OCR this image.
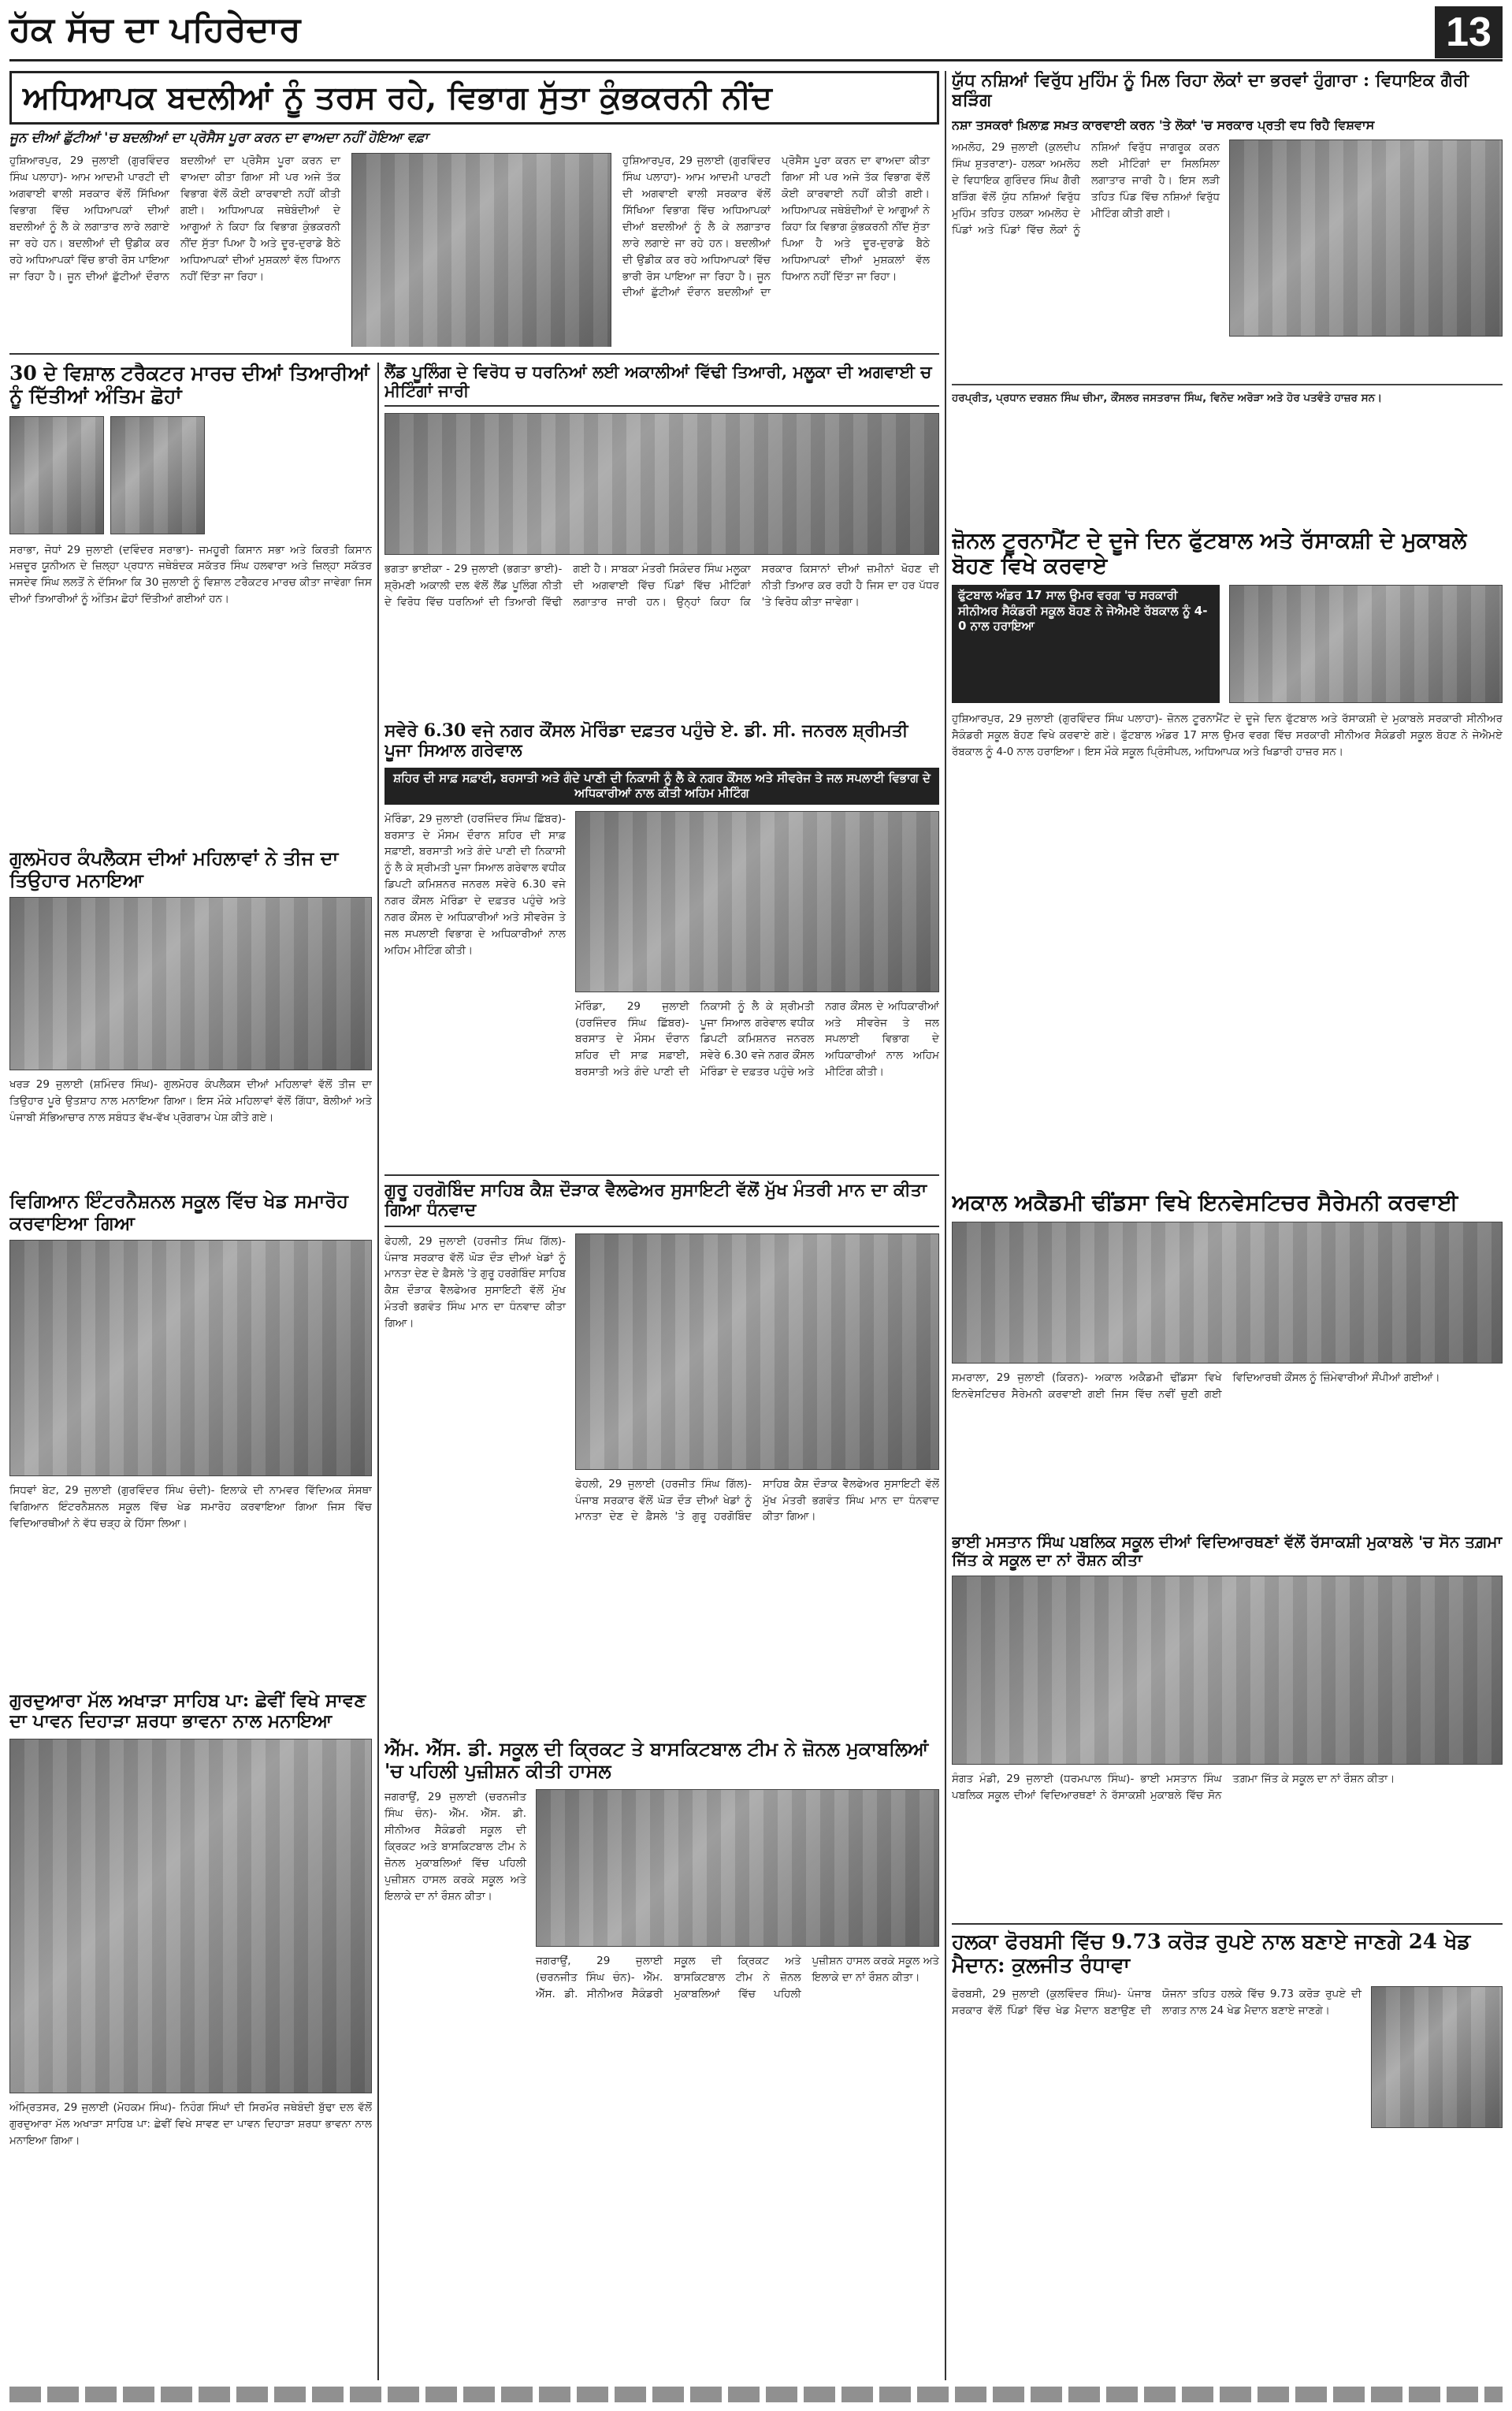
ਹੱਕ ਸੱਚ ਦਾ ਪਹਿਰੇਦਾਰ	13
ਅਧਿਆਪਕ ਬਦਲੀਆਂ ਨੂੰ ਤਰਸ ਰਹੇ, ਵਿਭਾਗ ਸੁੱਤਾ ਕੁੰਭਕਰਨੀ ਨੀਂਦ
ਜੂਨ ਦੀਆਂ ਛੁੱਟੀਆਂ 'ਚ ਬਦਲੀਆਂ ਦਾ ਪ੍ਰੋਸੈਸ ਪੂਰਾ ਕਰਨ ਦਾ ਵਾਅਦਾ ਨਹੀਂ ਹੋਇਆ ਵਫ਼ਾ
ਹੁਸ਼ਿਆਰਪੁਰ, 29 ਜੁਲਾਈ (ਗੁਰਵਿੰਦਰ ਸਿੰਘ ਪਲਾਹਾ)- ਆਮ ਆਦਮੀ ਪਾਰਟੀ ਦੀ ਅਗਵਾਈ ਵਾਲੀ ਸਰਕਾਰ ਵੱਲੋਂ ਸਿੱਖਿਆ ਵਿਭਾਗ ਵਿੱਚ ਅਧਿਆਪਕਾਂ ਦੀਆਂ ਬਦਲੀਆਂ ਨੂੰ ਲੈ ਕੇ ਲਗਾਤਾਰ ਲਾਰੇ ਲਗਾਏ ਜਾ ਰਹੇ ਹਨ। ਬਦਲੀਆਂ ਦੀ ਉਡੀਕ ਕਰ ਰਹੇ ਅਧਿਆਪਕਾਂ ਵਿੱਚ ਭਾਰੀ ਰੋਸ ਪਾਇਆ ਜਾ ਰਿਹਾ ਹੈ। ਜੂਨ ਦੀਆਂ ਛੁੱਟੀਆਂ ਦੌਰਾਨ ਬਦਲੀਆਂ ਦਾ ਪ੍ਰੋਸੈਸ ਪੂਰਾ ਕਰਨ ਦਾ ਵਾਅਦਾ ਕੀਤਾ ਗਿਆ ਸੀ ਪਰ ਅਜੇ ਤੱਕ ਵਿਭਾਗ ਵੱਲੋਂ ਕੋਈ ਕਾਰਵਾਈ ਨਹੀਂ ਕੀਤੀ ਗਈ। ਅਧਿਆਪਕ ਜਥੇਬੰਦੀਆਂ ਦੇ ਆਗੂਆਂ ਨੇ ਕਿਹਾ ਕਿ ਵਿਭਾਗ ਕੁੰਭਕਰਨੀ ਨੀਂਦ ਸੁੱਤਾ ਪਿਆ ਹੈ ਅਤੇ ਦੂਰ-ਦੁਰਾਡੇ ਬੈਠੇ ਅਧਿਆਪਕਾਂ ਦੀਆਂ ਮੁਸ਼ਕਲਾਂ ਵੱਲ ਧਿਆਨ ਨਹੀਂ ਦਿੱਤਾ ਜਾ ਰਿਹਾ।
ਹੁਸ਼ਿਆਰਪੁਰ, 29 ਜੁਲਾਈ (ਗੁਰਵਿੰਦਰ ਸਿੰਘ ਪਲਾਹਾ)- ਆਮ ਆਦਮੀ ਪਾਰਟੀ ਦੀ ਅਗਵਾਈ ਵਾਲੀ ਸਰਕਾਰ ਵੱਲੋਂ ਸਿੱਖਿਆ ਵਿਭਾਗ ਵਿੱਚ ਅਧਿਆਪਕਾਂ ਦੀਆਂ ਬਦਲੀਆਂ ਨੂੰ ਲੈ ਕੇ ਲਗਾਤਾਰ ਲਾਰੇ ਲਗਾਏ ਜਾ ਰਹੇ ਹਨ। ਬਦਲੀਆਂ ਦੀ ਉਡੀਕ ਕਰ ਰਹੇ ਅਧਿਆਪਕਾਂ ਵਿੱਚ ਭਾਰੀ ਰੋਸ ਪਾਇਆ ਜਾ ਰਿਹਾ ਹੈ। ਜੂਨ ਦੀਆਂ ਛੁੱਟੀਆਂ ਦੌਰਾਨ ਬਦਲੀਆਂ ਦਾ ਪ੍ਰੋਸੈਸ ਪੂਰਾ ਕਰਨ ਦਾ ਵਾਅਦਾ ਕੀਤਾ ਗਿਆ ਸੀ ਪਰ ਅਜੇ ਤੱਕ ਵਿਭਾਗ ਵੱਲੋਂ ਕੋਈ ਕਾਰਵਾਈ ਨਹੀਂ ਕੀਤੀ ਗਈ। ਅਧਿਆਪਕ ਜਥੇਬੰਦੀਆਂ ਦੇ ਆਗੂਆਂ ਨੇ ਕਿਹਾ ਕਿ ਵਿਭਾਗ ਕੁੰਭਕਰਨੀ ਨੀਂਦ ਸੁੱਤਾ ਪਿਆ ਹੈ ਅਤੇ ਦੂਰ-ਦੁਰਾਡੇ ਬੈਠੇ ਅਧਿਆਪਕਾਂ ਦੀਆਂ ਮੁਸ਼ਕਲਾਂ ਵੱਲ ਧਿਆਨ ਨਹੀਂ ਦਿੱਤਾ ਜਾ ਰਿਹਾ।
ਯੁੱਧ ਨਸ਼ਿਆਂ ਵਿਰੁੱਧ ਮੁਹਿੰਮ ਨੂੰ ਮਿਲ ਰਿਹਾ ਲੋਕਾਂ ਦਾ ਭਰਵਾਂ ਹੁੰਗਾਰਾ : ਵਿਧਾਇਕ ਗੈਰੀ ਬੜਿੰਗ
ਨਸ਼ਾ ਤਸਕਰਾਂ ਖ਼ਿਲਾਫ਼ ਸਖ਼ਤ ਕਾਰਵਾਈ ਕਰਨ 'ਤੇ ਲੋਕਾਂ 'ਚ ਸਰਕਾਰ ਪ੍ਰਤੀ ਵਧ ਰਿਹੈ ਵਿਸ਼ਵਾਸ
ਅਮਲੋਹ, 29 ਜੁਲਾਈ (ਕੁਲਦੀਪ ਸਿੰਘ ਸ਼ੁਤਰਾਣਾ)- ਹਲਕਾ ਅਮਲੋਹ ਦੇ ਵਿਧਾਇਕ ਗੁਰਿੰਦਰ ਸਿੰਘ ਗੈਰੀ ਬੜਿੰਗ ਵੱਲੋਂ ਯੁੱਧ ਨਸ਼ਿਆਂ ਵਿਰੁੱਧ ਮੁਹਿੰਮ ਤਹਿਤ ਹਲਕਾ ਅਮਲੋਹ ਦੇ ਪਿੰਡਾਂ ਅਤੇ ਪਿੰਡਾਂ ਵਿੱਚ ਲੋਕਾਂ ਨੂੰ ਨਸ਼ਿਆਂ ਵਿਰੁੱਧ ਜਾਗਰੂਕ ਕਰਨ ਲਈ ਮੀਟਿੰਗਾਂ ਦਾ ਸਿਲਸਿਲਾ ਲਗਾਤਾਰ ਜਾਰੀ ਹੈ। ਇਸ ਲੜੀ ਤਹਿਤ ਪਿੰਡ ਵਿੱਚ ਨਸ਼ਿਆਂ ਵਿਰੁੱਧ ਮੀਟਿੰਗ ਕੀਤੀ ਗਈ।
ਹਰਪ੍ਰੀਤ, ਪ੍ਰਧਾਨ ਦਰਸ਼ਨ ਸਿੰਘ ਚੀਮਾ, ਕੌਂਸਲਰ ਜਸਤਰਾਜ ਸਿੰਘ, ਵਿਨੋਦ ਅਰੋੜਾ ਅਤੇ ਹੋਰ ਪਤਵੰਤੇ ਹਾਜ਼ਰ ਸਨ।
30 ਦੇ ਵਿਸ਼ਾਲ ਟਰੈਕਟਰ ਮਾਰਚ ਦੀਆਂ ਤਿਆਰੀਆਂ ਨੂੰ ਦਿੱਤੀਆਂ ਅੰਤਿਮ ਛੋਹਾਂ
ਸਰਾਭਾ, ਜੋਧਾਂ 29 ਜੁਲਾਈ (ਦਵਿੰਦਰ ਸਰਾਭਾ)- ਜਮਹੂਰੀ ਕਿਸਾਨ ਸਭਾ ਅਤੇ ਕਿਰਤੀ ਕਿਸਾਨ ਮਜ਼ਦੂਰ ਯੂਨੀਅਨ ਦੇ ਜ਼ਿਲ੍ਹਾ ਪ੍ਰਧਾਨ ਜਥੇਬੰਦਕ ਸਕੱਤਰ ਸਿੰਘ ਹਲਵਾਰਾ ਅਤੇ ਜ਼ਿਲ੍ਹਾ ਸਕੱਤਰ ਜਸਦੇਵ ਸਿੰਘ ਲਲਤੋਂ ਨੇ ਦੱਸਿਆ ਕਿ 30 ਜੁਲਾਈ ਨੂੰ ਵਿਸ਼ਾਲ ਟਰੈਕਟਰ ਮਾਰਚ ਕੀਤਾ ਜਾਵੇਗਾ ਜਿਸ ਦੀਆਂ ਤਿਆਰੀਆਂ ਨੂੰ ਅੰਤਿਮ ਛੋਹਾਂ ਦਿੱਤੀਆਂ ਗਈਆਂ ਹਨ।
ਲੈਂਡ ਪੂਲਿੰਗ ਦੇ ਵਿਰੋਧ ਚ ਧਰਨਿਆਂ ਲਈ ਅਕਾਲੀਆਂ ਵਿੱਢੀ ਤਿਆਰੀ, ਮਲੂਕਾ ਦੀ ਅਗਵਾਈ ਚ ਮੀਟਿੰਗਾਂ ਜਾਰੀ
ਭਗਤਾ ਭਾਈਕਾ - 29 ਜੁਲਾਈ (ਭਗਤਾ ਭਾਈ)- ਸ਼੍ਰੋਮਣੀ ਅਕਾਲੀ ਦਲ ਵੱਲੋਂ ਲੈਂਡ ਪੂਲਿੰਗ ਨੀਤੀ ਦੇ ਵਿਰੋਧ ਵਿੱਚ ਧਰਨਿਆਂ ਦੀ ਤਿਆਰੀ ਵਿੱਢੀ ਗਈ ਹੈ। ਸਾਬਕਾ ਮੰਤਰੀ ਸਿਕੰਦਰ ਸਿੰਘ ਮਲੂਕਾ ਦੀ ਅਗਵਾਈ ਵਿੱਚ ਪਿੰਡਾਂ ਵਿੱਚ ਮੀਟਿੰਗਾਂ ਲਗਾਤਾਰ ਜਾਰੀ ਹਨ। ਉਨ੍ਹਾਂ ਕਿਹਾ ਕਿ ਸਰਕਾਰ ਕਿਸਾਨਾਂ ਦੀਆਂ ਜ਼ਮੀਨਾਂ ਖੋਹਣ ਦੀ ਨੀਤੀ ਤਿਆਰ ਕਰ ਰਹੀ ਹੈ ਜਿਸ ਦਾ ਹਰ ਪੱਧਰ 'ਤੇ ਵਿਰੋਧ ਕੀਤਾ ਜਾਵੇਗਾ।
ਜ਼ੋਨਲ ਟੂਰਨਾਮੈਂਟ ਦੇ ਦੂਜੇ ਦਿਨ ਫੁੱਟਬਾਲ ਅਤੇ ਰੱਸਾਕਸ਼ੀ ਦੇ ਮੁਕਾਬਲੇ ਬੋਹਣ ਵਿਖੇ ਕਰਵਾਏ
ਫੁੱਟਬਾਲ ਅੰਡਰ 17 ਸਾਲ ਉਮਰ ਵਰਗ 'ਚ ਸਰਕਾਰੀ ਸੀਨੀਅਰ ਸੈਕੰਡਰੀ ਸਕੂਲ ਬੋਹਣ ਨੇ ਜੇਐਮਏ ਰੱਬਕਾਲ ਨੂੰ 4-0 ਨਾਲ ਹਰਾਇਆ
ਹੁਸ਼ਿਆਰਪੁਰ, 29 ਜੁਲਾਈ (ਗੁਰਵਿੰਦਰ ਸਿੰਘ ਪਲਾਹਾ)- ਜ਼ੋਨਲ ਟੂਰਨਾਮੈਂਟ ਦੇ ਦੂਜੇ ਦਿਨ ਫੁੱਟਬਾਲ ਅਤੇ ਰੱਸਾਕਸ਼ੀ ਦੇ ਮੁਕਾਬਲੇ ਸਰਕਾਰੀ ਸੀਨੀਅਰ ਸੈਕੰਡਰੀ ਸਕੂਲ ਬੋਹਣ ਵਿਖੇ ਕਰਵਾਏ ਗਏ। ਫੁੱਟਬਾਲ ਅੰਡਰ 17 ਸਾਲ ਉਮਰ ਵਰਗ ਵਿੱਚ ਸਰਕਾਰੀ ਸੀਨੀਅਰ ਸੈਕੰਡਰੀ ਸਕੂਲ ਬੋਹਣ ਨੇ ਜੇਐਮਏ ਰੱਬਕਾਲ ਨੂੰ 4-0 ਨਾਲ ਹਰਾਇਆ। ਇਸ ਮੌਕੇ ਸਕੂਲ ਪ੍ਰਿੰਸੀਪਲ, ਅਧਿਆਪਕ ਅਤੇ ਖਿਡਾਰੀ ਹਾਜ਼ਰ ਸਨ।
ਸਵੇਰੇ 6.30 ਵਜੇ ਨਗਰ ਕੌਂਸਲ ਮੋਰਿੰਡਾ ਦਫ਼ਤਰ ਪਹੁੰਚੇ ਏ. ਡੀ. ਸੀ. ਜਨਰਲ ਸ਼੍ਰੀਮਤੀ ਪੂਜਾ ਸਿਆਲ ਗਰੇਵਾਲ
ਸ਼ਹਿਰ ਦੀ ਸਾਫ਼ ਸਫ਼ਾਈ, ਬਰਸਾਤੀ ਅਤੇ ਗੰਦੇ ਪਾਣੀ ਦੀ ਨਿਕਾਸੀ ਨੂੰ ਲੈ ਕੇ ਨਗਰ ਕੌਂਸਲ ਅਤੇ ਸੀਵਰੇਜ ਤੇ ਜਲ ਸਪਲਾਈ ਵਿਭਾਗ ਦੇ ਅਧਿਕਾਰੀਆਂ ਨਾਲ ਕੀਤੀ ਅਹਿਮ ਮੀਟਿੰਗ
ਮੋਰਿੰਡਾ, 29 ਜੁਲਾਈ (ਹਰਜਿੰਦਰ ਸਿੰਘ ਛਿੱਬਰ)- ਬਰਸਾਤ ਦੇ ਮੌਸਮ ਦੌਰਾਨ ਸ਼ਹਿਰ ਦੀ ਸਾਫ਼ ਸਫ਼ਾਈ, ਬਰਸਾਤੀ ਅਤੇ ਗੰਦੇ ਪਾਣੀ ਦੀ ਨਿਕਾਸੀ ਨੂੰ ਲੈ ਕੇ ਸ਼੍ਰੀਮਤੀ ਪੂਜਾ ਸਿਆਲ ਗਰੇਵਾਲ ਵਧੀਕ ਡਿਪਟੀ ਕਮਿਸ਼ਨਰ ਜਨਰਲ ਸਵੇਰੇ 6.30 ਵਜੇ ਨਗਰ ਕੌਂਸਲ ਮੋਰਿੰਡਾ ਦੇ ਦਫ਼ਤਰ ਪਹੁੰਚੇ ਅਤੇ ਨਗਰ ਕੌਂਸਲ ਦੇ ਅਧਿਕਾਰੀਆਂ ਅਤੇ ਸੀਵਰੇਜ ਤੇ ਜਲ ਸਪਲਾਈ ਵਿਭਾਗ ਦੇ ਅਧਿਕਾਰੀਆਂ ਨਾਲ ਅਹਿਮ ਮੀਟਿੰਗ ਕੀਤੀ।
ਮੋਰਿੰਡਾ, 29 ਜੁਲਾਈ (ਹਰਜਿੰਦਰ ਸਿੰਘ ਛਿੱਬਰ)- ਬਰਸਾਤ ਦੇ ਮੌਸਮ ਦੌਰਾਨ ਸ਼ਹਿਰ ਦੀ ਸਾਫ਼ ਸਫ਼ਾਈ, ਬਰਸਾਤੀ ਅਤੇ ਗੰਦੇ ਪਾਣੀ ਦੀ ਨਿਕਾਸੀ ਨੂੰ ਲੈ ਕੇ ਸ਼੍ਰੀਮਤੀ ਪੂਜਾ ਸਿਆਲ ਗਰੇਵਾਲ ਵਧੀਕ ਡਿਪਟੀ ਕਮਿਸ਼ਨਰ ਜਨਰਲ ਸਵੇਰੇ 6.30 ਵਜੇ ਨਗਰ ਕੌਂਸਲ ਮੋਰਿੰਡਾ ਦੇ ਦਫ਼ਤਰ ਪਹੁੰਚੇ ਅਤੇ ਨਗਰ ਕੌਂਸਲ ਦੇ ਅਧਿਕਾਰੀਆਂ ਅਤੇ ਸੀਵਰੇਜ ਤੇ ਜਲ ਸਪਲਾਈ ਵਿਭਾਗ ਦੇ ਅਧਿਕਾਰੀਆਂ ਨਾਲ ਅਹਿਮ ਮੀਟਿੰਗ ਕੀਤੀ।
ਗੁਲਮੋਹਰ ਕੰਪਲੈਕਸ ਦੀਆਂ ਮਹਿਲਾਵਾਂ ਨੇ ਤੀਜ ਦਾ ਤਿਉਹਾਰ ਮਨਾਇਆ
ਖਰੜ 29 ਜੁਲਾਈ (ਸ਼ਮਿੰਦਰ ਸਿੰਘ)- ਗੁਲਮੋਹਰ ਕੰਪਲੈਕਸ ਦੀਆਂ ਮਹਿਲਾਵਾਂ ਵੱਲੋਂ ਤੀਜ ਦਾ ਤਿਉਹਾਰ ਪੂਰੇ ਉਤਸ਼ਾਹ ਨਾਲ ਮਨਾਇਆ ਗਿਆ। ਇਸ ਮੌਕੇ ਮਹਿਲਾਵਾਂ ਵੱਲੋਂ ਗਿੱਧਾ, ਬੋਲੀਆਂ ਅਤੇ ਪੰਜਾਬੀ ਸੱਭਿਆਚਾਰ ਨਾਲ ਸਬੰਧਤ ਵੱਖ-ਵੱਖ ਪ੍ਰੋਗਰਾਮ ਪੇਸ਼ ਕੀਤੇ ਗਏ।
ਅਕਾਲ ਅਕੈਡਮੀ ਢੀਂਡਸਾ ਵਿਖੇ ਇਨਵੇਸਟਿਚਰ ਸੈਰੇਮਨੀ ਕਰਵਾਈ
ਸਮਰਾਲਾ, 29 ਜੁਲਾਈ (ਕਿਰਨ)- ਅਕਾਲ ਅਕੈਡਮੀ ਢੀਂਡਸਾ ਵਿਖੇ ਇਨਵੇਸਟਿਚਰ ਸੈਰੇਮਨੀ ਕਰਵਾਈ ਗਈ ਜਿਸ ਵਿੱਚ ਨਵੀਂ ਚੁਣੀ ਗਈ ਵਿਦਿਆਰਥੀ ਕੌਂਸਲ ਨੂੰ ਜ਼ਿੰਮੇਵਾਰੀਆਂ ਸੌਂਪੀਆਂ ਗਈਆਂ।
ਵਿਗਿਆਨ ਇੰਟਰਨੈਸ਼ਨਲ ਸਕੂਲ ਵਿੱਚ ਖੇਡ ਸਮਾਰੋਹ ਕਰਵਾਇਆ ਗਿਆ
ਸਿਧਵਾਂ ਬੇਟ, 29 ਜੁਲਾਈ (ਗੁਰਵਿੰਦਰ ਸਿੰਘ ਚੰਦੀ)- ਇਲਾਕੇ ਦੀ ਨਾਮਵਰ ਵਿੱਦਿਅਕ ਸੰਸਥਾ ਵਿਗਿਆਨ ਇੰਟਰਨੈਸ਼ਨਲ ਸਕੂਲ ਵਿੱਚ ਖੇਡ ਸਮਾਰੋਹ ਕਰਵਾਇਆ ਗਿਆ ਜਿਸ ਵਿੱਚ ਵਿਦਿਆਰਥੀਆਂ ਨੇ ਵੱਧ ਚੜ੍ਹ ਕੇ ਹਿੱਸਾ ਲਿਆ।
ਗੁਰੂ ਹਰਗੋਬਿੰਦ ਸਾਹਿਬ ਕੈਸ਼ ਦੌੜਾਕ ਵੈਲਫੇਅਰ ਸੁਸਾਇਟੀ ਵੱਲੋਂ ਮੁੱਖ ਮੰਤਰੀ ਮਾਨ ਦਾ ਕੀਤਾ ਗਿਆ ਧੰਨਵਾਦ
ਫੇਹਲੀ, 29 ਜੁਲਾਈ (ਹਰਜੀਤ ਸਿੰਘ ਗਿੱਲ)- ਪੰਜਾਬ ਸਰਕਾਰ ਵੱਲੋਂ ਘੋੜ ਦੌੜ ਦੀਆਂ ਖੇਡਾਂ ਨੂੰ ਮਾਨਤਾ ਦੇਣ ਦੇ ਫ਼ੈਸਲੇ 'ਤੇ ਗੁਰੂ ਹਰਗੋਬਿੰਦ ਸਾਹਿਬ ਕੈਸ਼ ਦੌੜਾਕ ਵੈਲਫੇਅਰ ਸੁਸਾਇਟੀ ਵੱਲੋਂ ਮੁੱਖ ਮੰਤਰੀ ਭਗਵੰਤ ਸਿੰਘ ਮਾਨ ਦਾ ਧੰਨਵਾਦ ਕੀਤਾ ਗਿਆ।
ਫੇਹਲੀ, 29 ਜੁਲਾਈ (ਹਰਜੀਤ ਸਿੰਘ ਗਿੱਲ)- ਪੰਜਾਬ ਸਰਕਾਰ ਵੱਲੋਂ ਘੋੜ ਦੌੜ ਦੀਆਂ ਖੇਡਾਂ ਨੂੰ ਮਾਨਤਾ ਦੇਣ ਦੇ ਫ਼ੈਸਲੇ 'ਤੇ ਗੁਰੂ ਹਰਗੋਬਿੰਦ ਸਾਹਿਬ ਕੈਸ਼ ਦੌੜਾਕ ਵੈਲਫੇਅਰ ਸੁਸਾਇਟੀ ਵੱਲੋਂ ਮੁੱਖ ਮੰਤਰੀ ਭਗਵੰਤ ਸਿੰਘ ਮਾਨ ਦਾ ਧੰਨਵਾਦ ਕੀਤਾ ਗਿਆ।
ਭਾਈ ਮਸਤਾਨ ਸਿੰਘ ਪਬਲਿਕ ਸਕੂਲ ਦੀਆਂ ਵਿਦਿਆਰਥਣਾਂ ਵੱਲੋਂ ਰੱਸਾਕਸ਼ੀ ਮੁਕਾਬਲੇ 'ਚ ਸੋਨ ਤਗ਼ਮਾ ਜਿੱਤ ਕੇ ਸਕੂਲ ਦਾ ਨਾਂ ਰੌਸ਼ਨ ਕੀਤਾ
ਸੰਗਤ ਮੰਡੀ, 29 ਜੁਲਾਈ (ਧਰਮਪਾਲ ਸਿੰਘ)- ਭਾਈ ਮਸਤਾਨ ਸਿੰਘ ਪਬਲਿਕ ਸਕੂਲ ਦੀਆਂ ਵਿਦਿਆਰਥਣਾਂ ਨੇ ਰੱਸਾਕਸ਼ੀ ਮੁਕਾਬਲੇ ਵਿੱਚ ਸੋਨ ਤਗ਼ਮਾ ਜਿੱਤ ਕੇ ਸਕੂਲ ਦਾ ਨਾਂ ਰੌਸ਼ਨ ਕੀਤਾ।
ਗੁਰਦੁਆਰਾ ਮੱਲ ਅਖਾੜਾ ਸਾਹਿਬ ਪਾ: ਛੇਵੀਂ ਵਿਖੇ ਸਾਵਣ ਦਾ ਪਾਵਨ ਦਿਹਾੜਾ ਸ਼ਰਧਾ ਭਾਵਨਾ ਨਾਲ ਮਨਾਇਆ
ਅੰਮ੍ਰਿਤਸਰ, 29 ਜੁਲਾਈ (ਮੋਹਕਮ ਸਿੰਘ)- ਨਿਹੰਗ ਸਿੰਘਾਂ ਦੀ ਸਿਰਮੌਰ ਜਥੇਬੰਦੀ ਬੁੱਢਾ ਦਲ ਵੱਲੋਂ ਗੁਰਦੁਆਰਾ ਮੱਲ ਅਖਾੜਾ ਸਾਹਿਬ ਪਾ: ਛੇਵੀਂ ਵਿਖੇ ਸਾਵਣ ਦਾ ਪਾਵਨ ਦਿਹਾੜਾ ਸ਼ਰਧਾ ਭਾਵਨਾ ਨਾਲ ਮਨਾਇਆ ਗਿਆ।
ਐੱਮ. ਐੱਸ. ਡੀ. ਸਕੂਲ ਦੀ ਕ੍ਰਿਕਟ ਤੇ ਬਾਸਕਿਟਬਾਲ ਟੀਮ ਨੇ ਜ਼ੋਨਲ ਮੁਕਾਬਲਿਆਂ 'ਚ ਪਹਿਲੀ ਪੁਜ਼ੀਸ਼ਨ ਕੀਤੀ ਹਾਸਲ
ਜਗਰਾਉਂ, 29 ਜੁਲਾਈ (ਚਰਨਜੀਤ ਸਿੰਘ ਚੰਨ)- ਐੱਮ. ਐੱਸ. ਡੀ. ਸੀਨੀਅਰ ਸੈਕੰਡਰੀ ਸਕੂਲ ਦੀ ਕ੍ਰਿਕਟ ਅਤੇ ਬਾਸਕਿਟਬਾਲ ਟੀਮ ਨੇ ਜ਼ੋਨਲ ਮੁਕਾਬਲਿਆਂ ਵਿੱਚ ਪਹਿਲੀ ਪੁਜ਼ੀਸ਼ਨ ਹਾਸਲ ਕਰਕੇ ਸਕੂਲ ਅਤੇ ਇਲਾਕੇ ਦਾ ਨਾਂ ਰੌਸ਼ਨ ਕੀਤਾ।
ਜਗਰਾਉਂ, 29 ਜੁਲਾਈ (ਚਰਨਜੀਤ ਸਿੰਘ ਚੰਨ)- ਐੱਮ. ਐੱਸ. ਡੀ. ਸੀਨੀਅਰ ਸੈਕੰਡਰੀ ਸਕੂਲ ਦੀ ਕ੍ਰਿਕਟ ਅਤੇ ਬਾਸਕਿਟਬਾਲ ਟੀਮ ਨੇ ਜ਼ੋਨਲ ਮੁਕਾਬਲਿਆਂ ਵਿੱਚ ਪਹਿਲੀ ਪੁਜ਼ੀਸ਼ਨ ਹਾਸਲ ਕਰਕੇ ਸਕੂਲ ਅਤੇ ਇਲਾਕੇ ਦਾ ਨਾਂ ਰੌਸ਼ਨ ਕੀਤਾ।
ਹਲਕਾ ਫੋਰਬਸੀ ਵਿੱਚ 9.73 ਕਰੋੜ ਰੁਪਏ ਨਾਲ ਬਣਾਏ ਜਾਣਗੇ 24 ਖੇਡ ਮੈਦਾਨ: ਕੁਲਜੀਤ ਰੰਧਾਵਾ
ਫੋਰਬਸੀ, 29 ਜੁਲਾਈ (ਕੁਲਵਿੰਦਰ ਸਿੰਘ)- ਪੰਜਾਬ ਸਰਕਾਰ ਵੱਲੋਂ ਪਿੰਡਾਂ ਵਿੱਚ ਖੇਡ ਮੈਦਾਨ ਬਣਾਉਣ ਦੀ ਯੋਜਨਾ ਤਹਿਤ ਹਲਕੇ ਵਿੱਚ 9.73 ਕਰੋੜ ਰੁਪਏ ਦੀ ਲਾਗਤ ਨਾਲ 24 ਖੇਡ ਮੈਦਾਨ ਬਣਾਏ ਜਾਣਗੇ।
